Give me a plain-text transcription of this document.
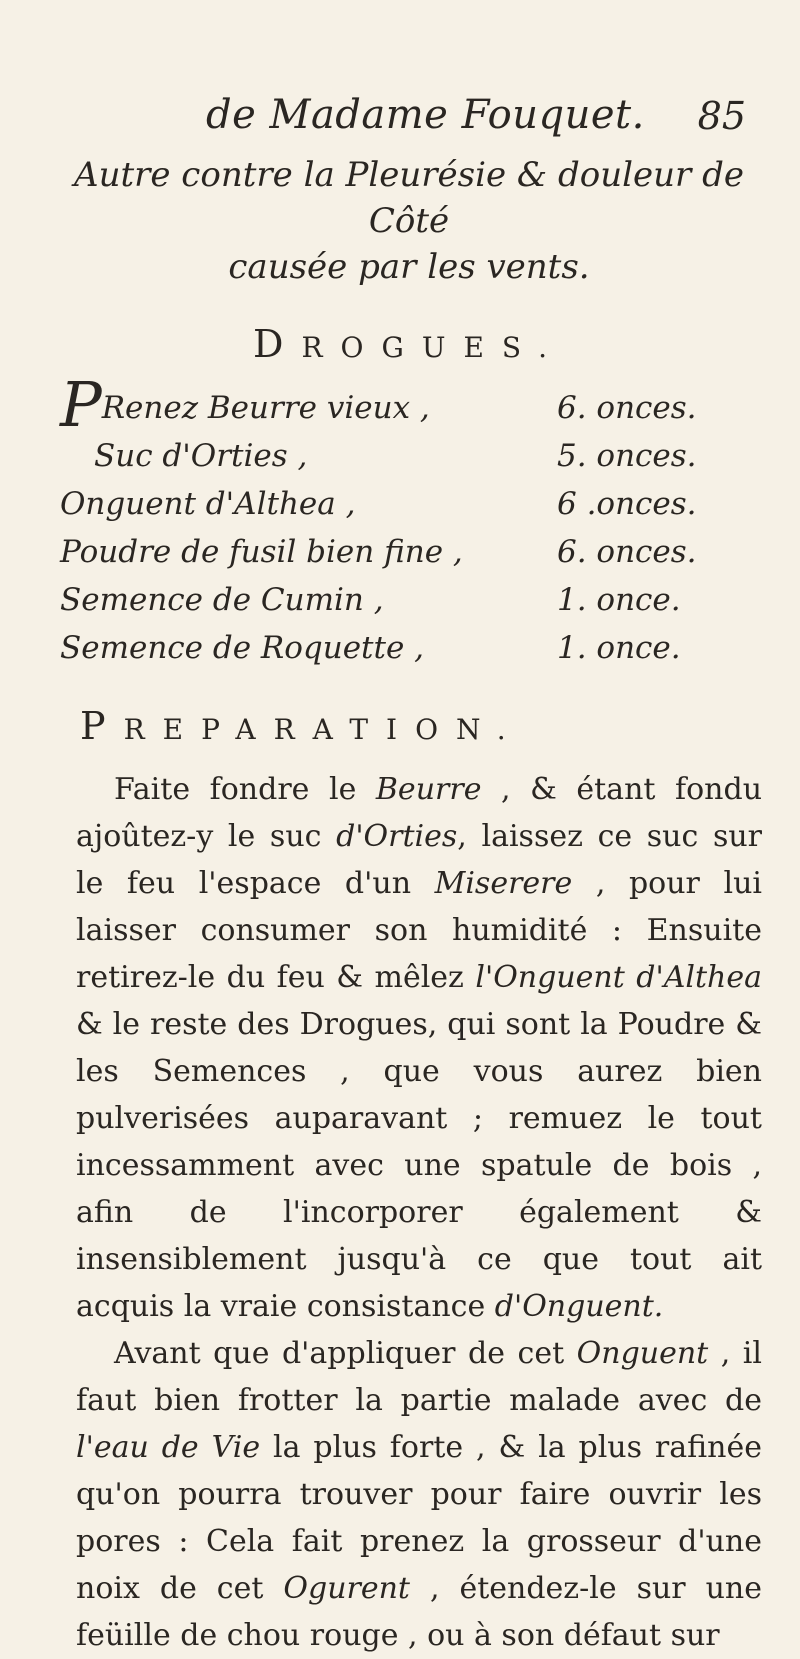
de Madame Fouquet. 85
Autre contre la Pleurésie & douleur de Côté
causée par les vents.
DROGUES.
PRenez Beurre vieux ,	6. onces.
Suc d'Orties ,	5. onces.
Onguent d'Althea ,	6 .onces.
Poudre de fusil bien fine ,	6. onces.
Semence de Cumin ,	1. once.
Semence de Roquette ,	1. once.
PREPARATION.

Faite fondre le Beurre , & étant fondu ajoûtez-y le suc d'Orties, laissez ce suc sur le feu l'espace d'un Miserere , pour lui laisser consumer son humidité : Ensuite retirez-le du feu & mêlez l'Onguent d'Althea & le reste des Drogues, qui sont la Poudre & les Semences , que vous aurez bien pulverisées auparavant ; remuez le tout incessamment avec une spatule de bois , afin de l'incorporer également & insensiblement jusqu'à ce que tout ait acquis la vraie consistance d'Onguent.

Avant que d'appliquer de cet Onguent , il faut bien frotter la partie malade avec de l'eau de Vie la plus forte , & la plus rafinée qu'on pourra trouver pour faire ouvrir les pores : Cela fait prenez la grosseur d'une noix de cet Ogurent , étendez-le sur une feüille de chou rouge , ou à son défaut sur
